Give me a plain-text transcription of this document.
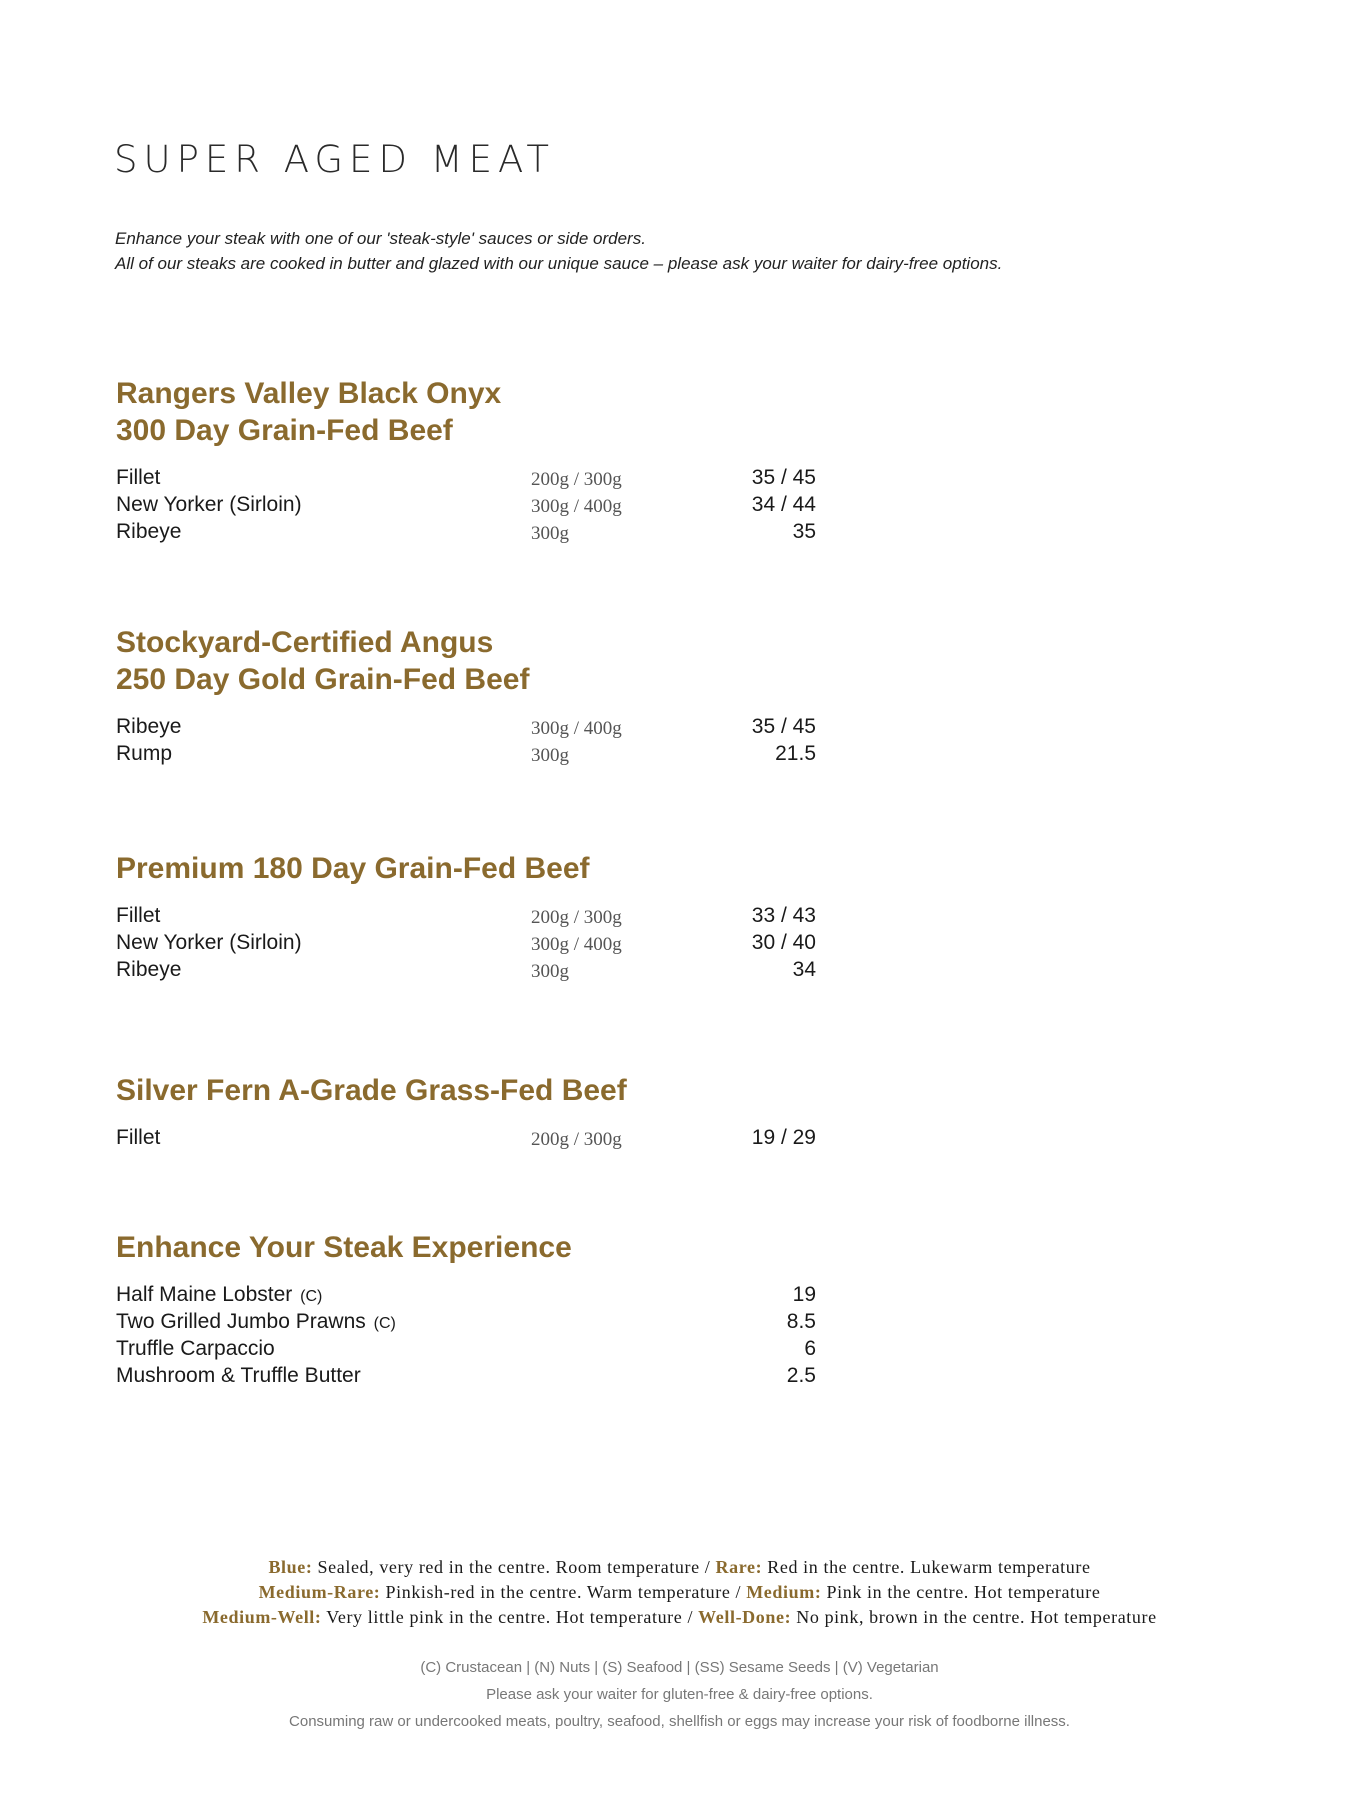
SUPER AGED MEAT
Enhance your steak with one of our 'steak-style' sauces or side orders.
All of our steaks are cooked in butter and glazed with our unique sauce – please ask your waiter for dairy-free options.
Rangers Valley Black Onyx
300 Day Grain-Fed Beef
Fillet	200g / 300g	35 / 45
New Yorker (Sirloin)	300g / 400g	34 / 44
Ribeye	300g	35
Stockyard-Certified Angus
250 Day Gold Grain-Fed Beef
Ribeye	300g / 400g	35 / 45
Rump	300g	21.5
Premium 180 Day Grain-Fed Beef
Fillet	200g / 300g	33 / 43
New Yorker (Sirloin)	300g / 400g	30 / 40
Ribeye	300g	34
Silver Fern A-Grade Grass-Fed Beef
Fillet	200g / 300g	19 / 29
Enhance Your Steak Experience
Half Maine Lobster (C)	19
Two Grilled Jumbo Prawns (C)	8.5
Truffle Carpaccio	6
Mushroom & Truffle Butter	2.5
Blue: Sealed, very red in the centre. Room temperature / Rare: Red in the centre. Lukewarm temperature
Medium-Rare: Pinkish-red in the centre. Warm temperature / Medium: Pink in the centre. Hot temperature
Medium-Well: Very little pink in the centre. Hot temperature / Well-Done: No pink, brown in the centre. Hot temperature
(C) Crustacean | (N) Nuts | (S) Seafood | (SS) Sesame Seeds | (V) Vegetarian
Please ask your waiter for gluten-free & dairy-free options.
Consuming raw or undercooked meats, poultry, seafood, shellfish or eggs may increase your risk of foodborne illness.
